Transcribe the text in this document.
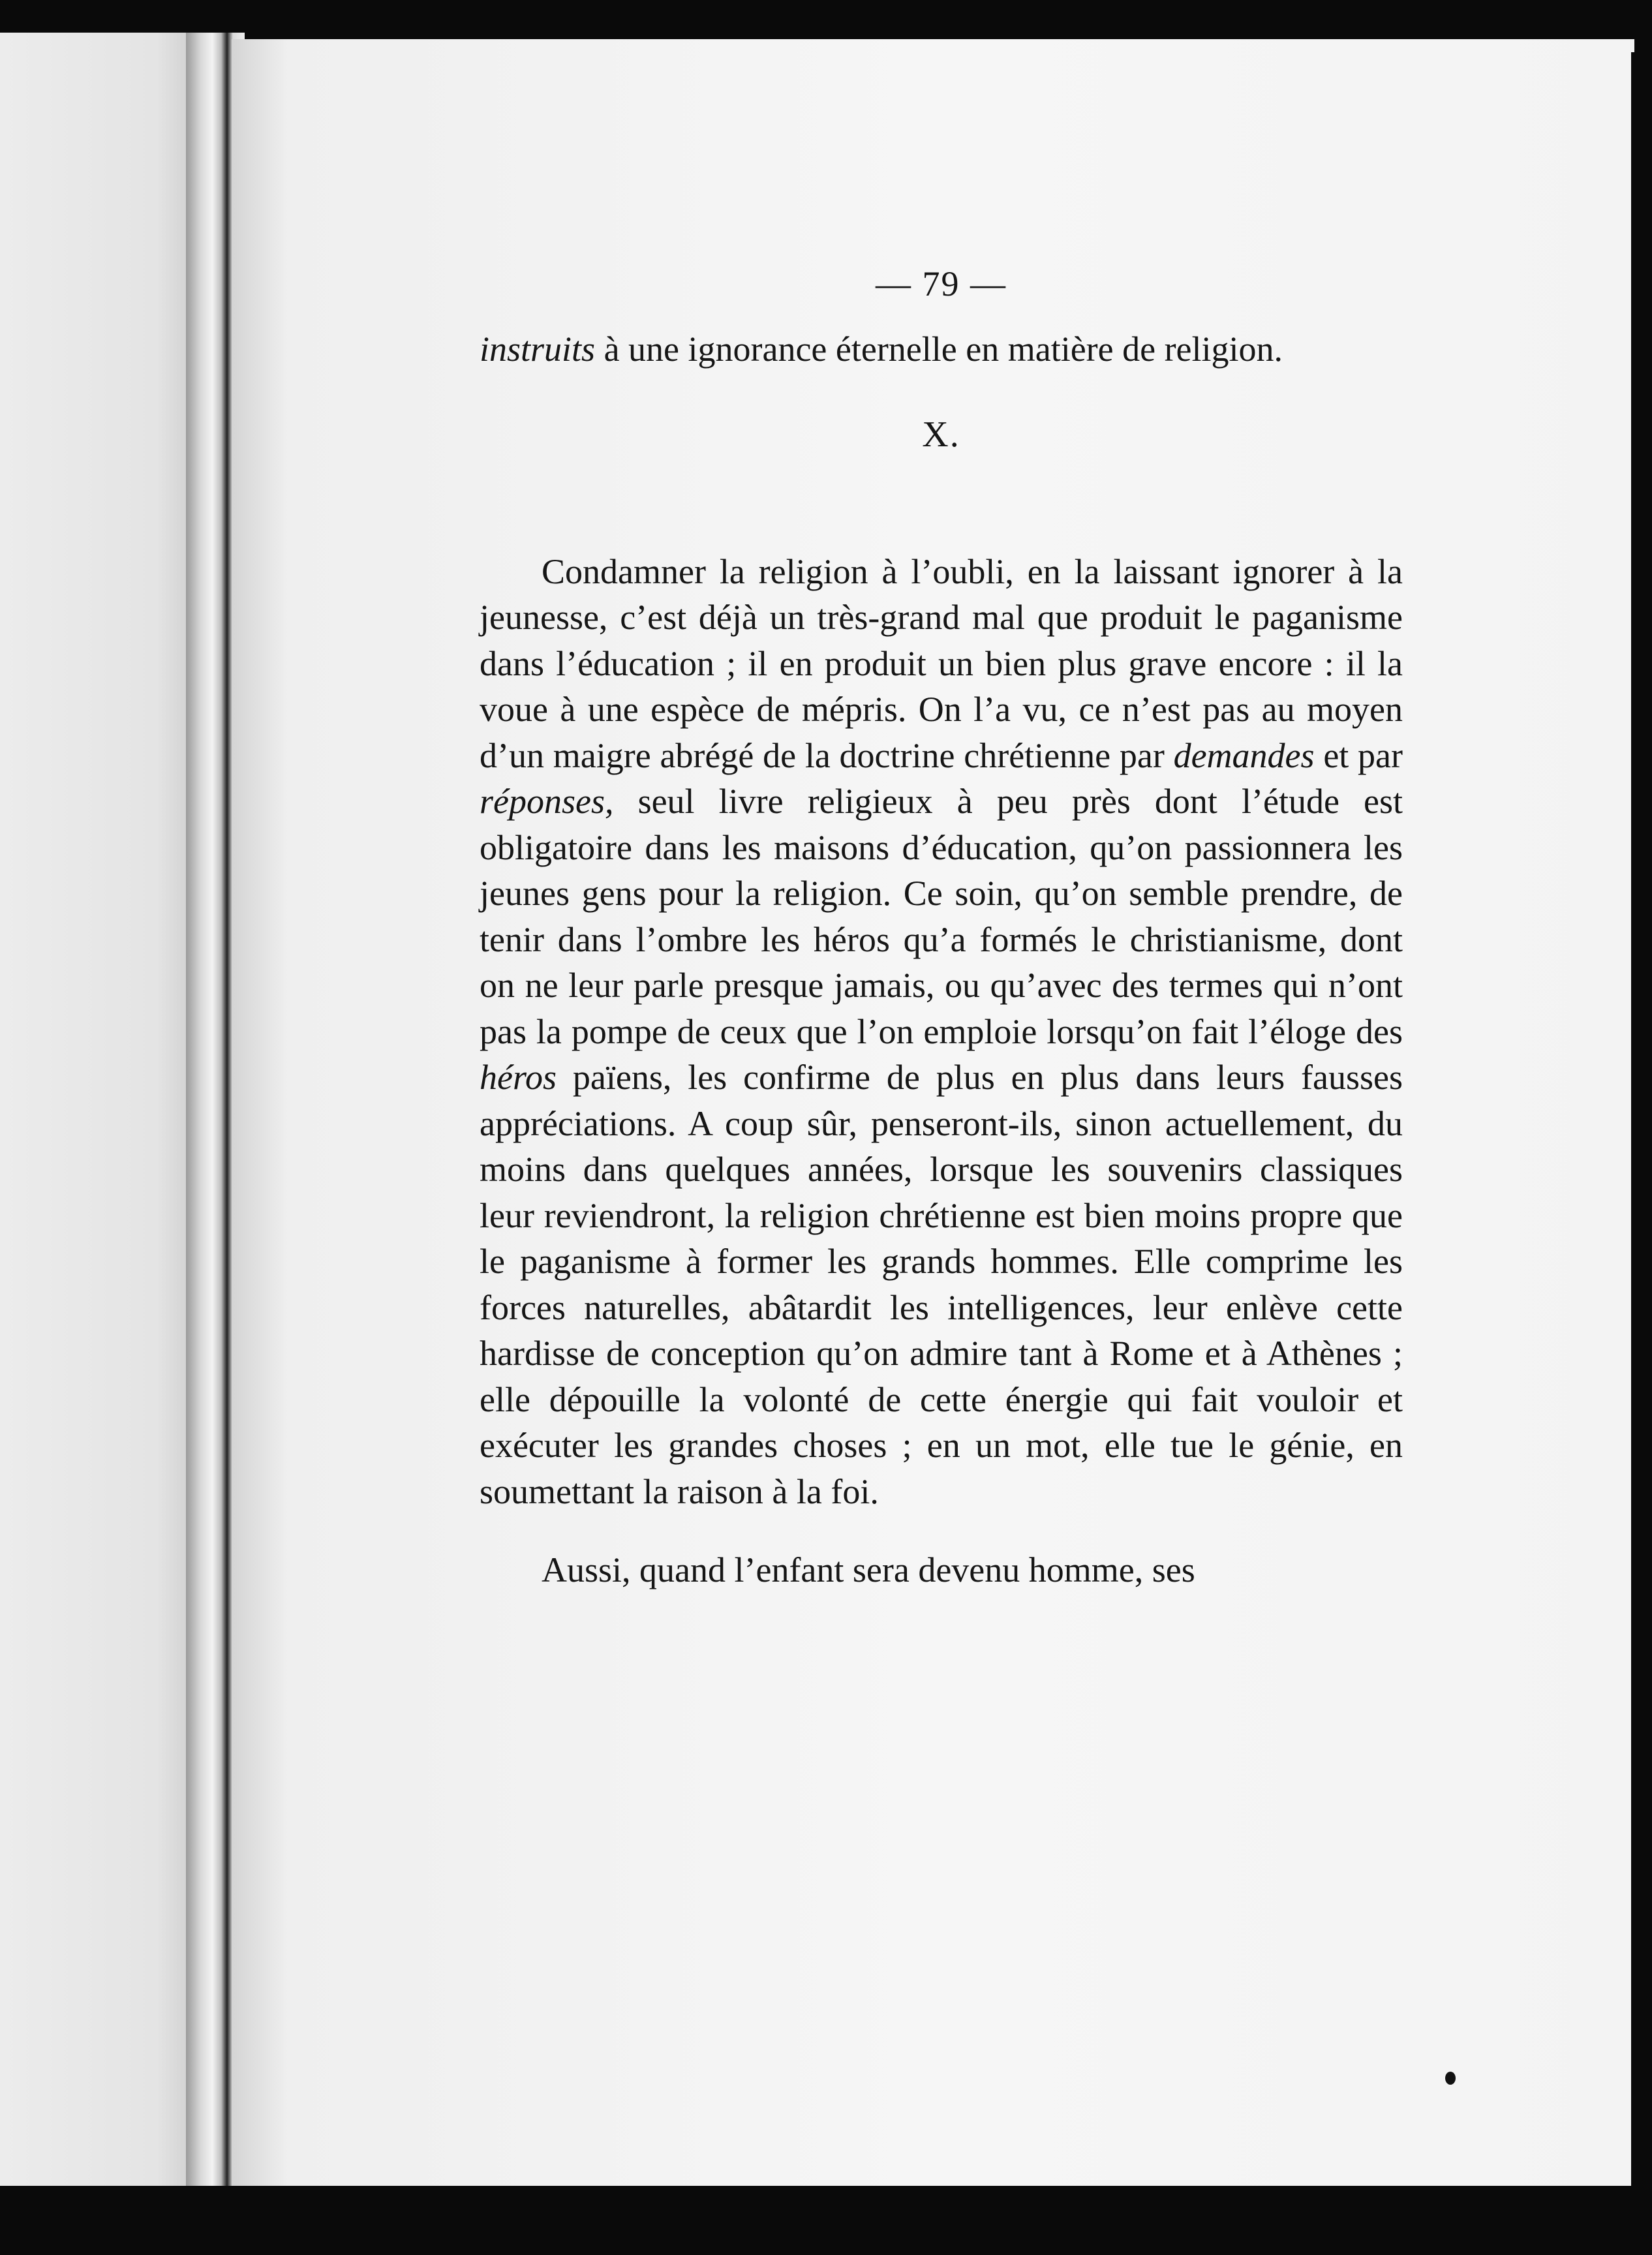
— 79 —

instruits à une ignorance éternelle en matière de religion.

X.

Condamner la religion à l’oubli, en la laissant ignorer à la jeunesse, c’est déjà un très-grand mal que produit le paganisme dans l’éducation ; il en produit un bien plus grave encore : il la voue à une espèce de mépris. On l’a vu, ce n’est pas au moyen d’un maigre abrégé de la doctrine chrétienne par demandes et par réponses, seul livre religieux à peu près dont l’étude est obligatoire dans les maisons d’éducation, qu’on passionnera les jeunes gens pour la religion. Ce soin, qu’on semble prendre, de tenir dans l’ombre les héros qu’a formés le christianisme, dont on ne leur parle presque jamais, ou qu’avec des termes qui n’ont pas la pompe de ceux que l’on emploie lorsqu’on fait l’éloge des héros païens, les confirme de plus en plus dans leurs fausses appréciations. A coup sûr, penseront-ils, sinon actuellement, du moins dans quelques années, lorsque les souvenirs classiques leur reviendront, la religion chrétienne est bien moins propre que le paganisme à former les grands hommes. Elle comprime les forces naturelles, abâtardit les intelligences, leur enlève cette hardisse de conception qu’on admire tant à Rome et à Athènes ; elle dépouille la volonté de cette énergie qui fait vouloir et exécuter les grandes choses ; en un mot, elle tue le génie, en soumettant la raison à la foi.

Aussi, quand l’enfant sera devenu homme, ses
